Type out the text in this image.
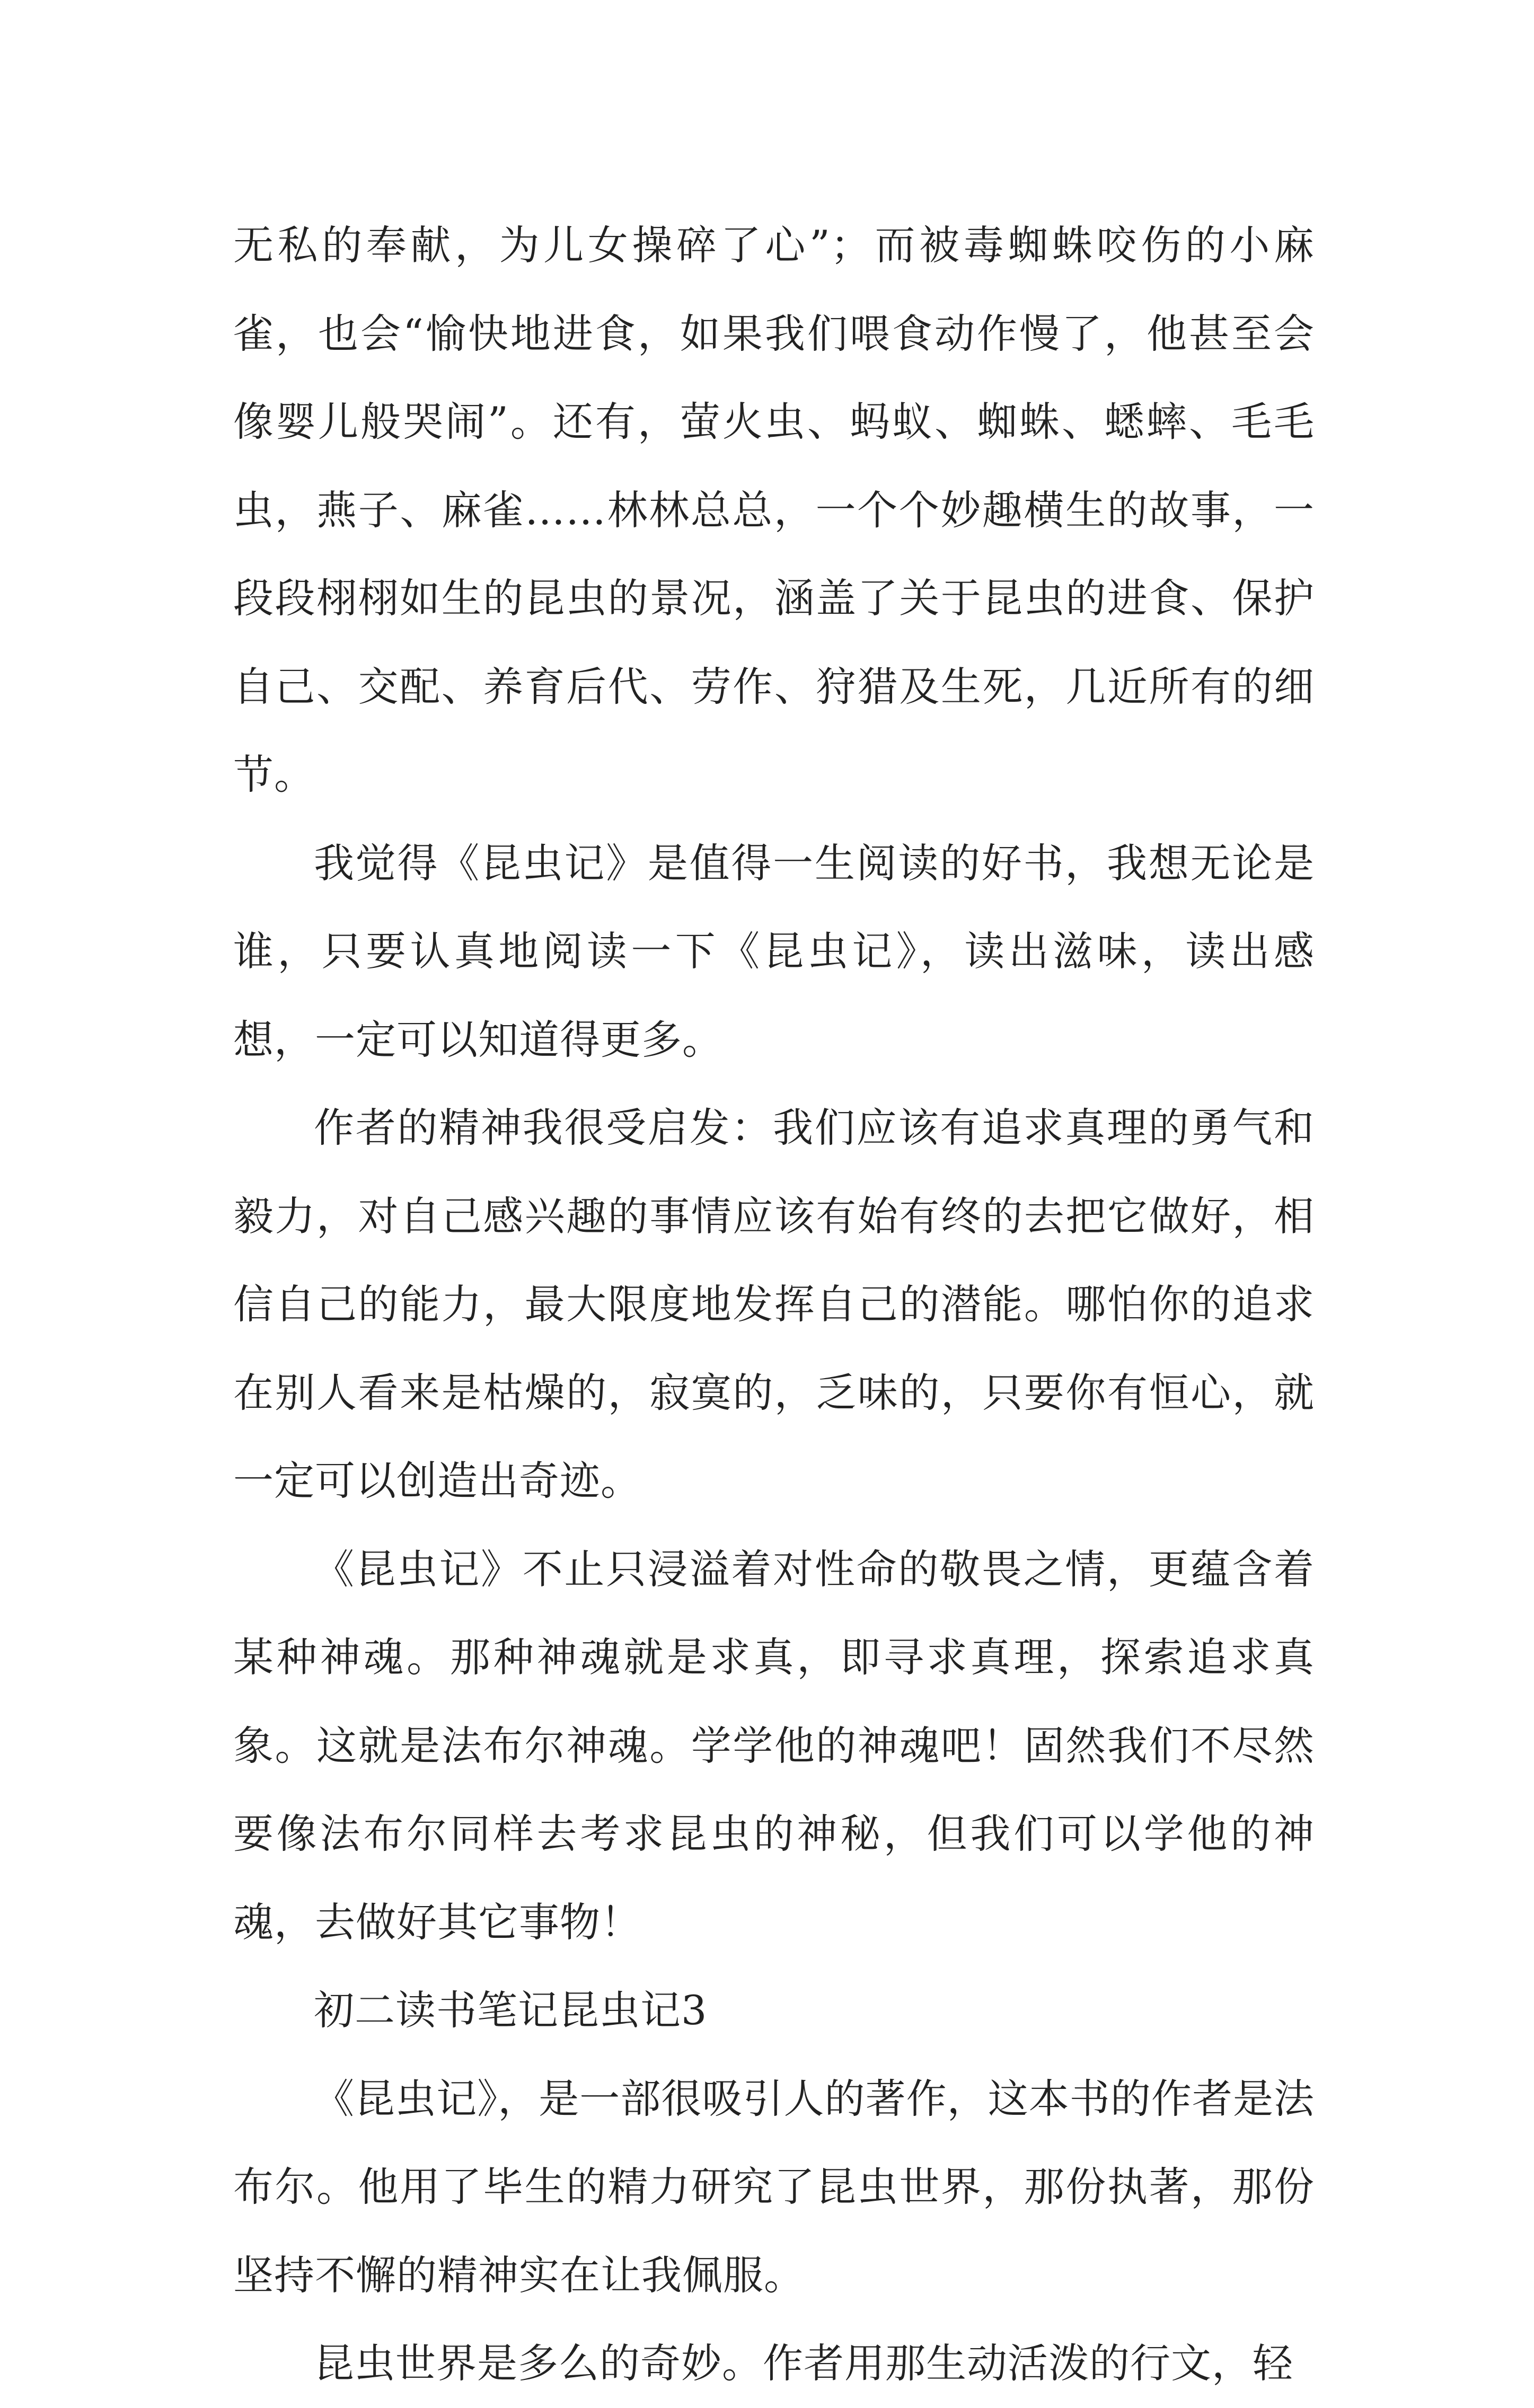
无私的奉献，为儿女操碎了心”；而被毒蜘蛛咬伤的小麻雀，也会“愉快地进食，如果我们喂食动作慢了，他甚至会像婴儿般哭闹”。还有，萤火虫、蚂蚁、蜘蛛、蟋蟀、毛毛虫，燕子、麻雀……林林总总，一个个妙趣横生的故事，一段段栩栩如生的昆虫的景况，涵盖了关于昆虫的进食、保护自己、交配、养育后代、劳作、狩猎及生死，几近所有的细节。

我觉得《昆虫记》是值得一生阅读的好书，我想无论是谁，只要认真地阅读一下《昆虫记》，读出滋味，读出感想，一定可以知道得更多。

作者的精神我很受启发：我们应该有追求真理的勇气和毅力，对自己感兴趣的事情应该有始有终的去把它做好，相信自己的能力，最大限度地发挥自己的潜能。哪怕你的追求在别人看来是枯燥的，寂寞的，乏味的，只要你有恒心，就一定可以创造出奇迹。

《昆虫记》不止只浸溢着对性命的敬畏之情，更蕴含着某种神魂。那种神魂就是求真，即寻求真理，探索追求真象。这就是法布尔神魂。学学他的神魂吧！固然我们不尽然要像法布尔同样去考求昆虫的神秘，但我们可以学他的神魂，去做好其它事物！

初二读书笔记昆虫记3

《昆虫记》，是一部很吸引人的著作，这本书的作者是法布尔。他用了毕生的精力研究了昆虫世界，那份执著，那份坚持不懈的精神实在让我佩服。

昆虫世界是多么的奇妙。作者用那生动活泼的行文，轻
